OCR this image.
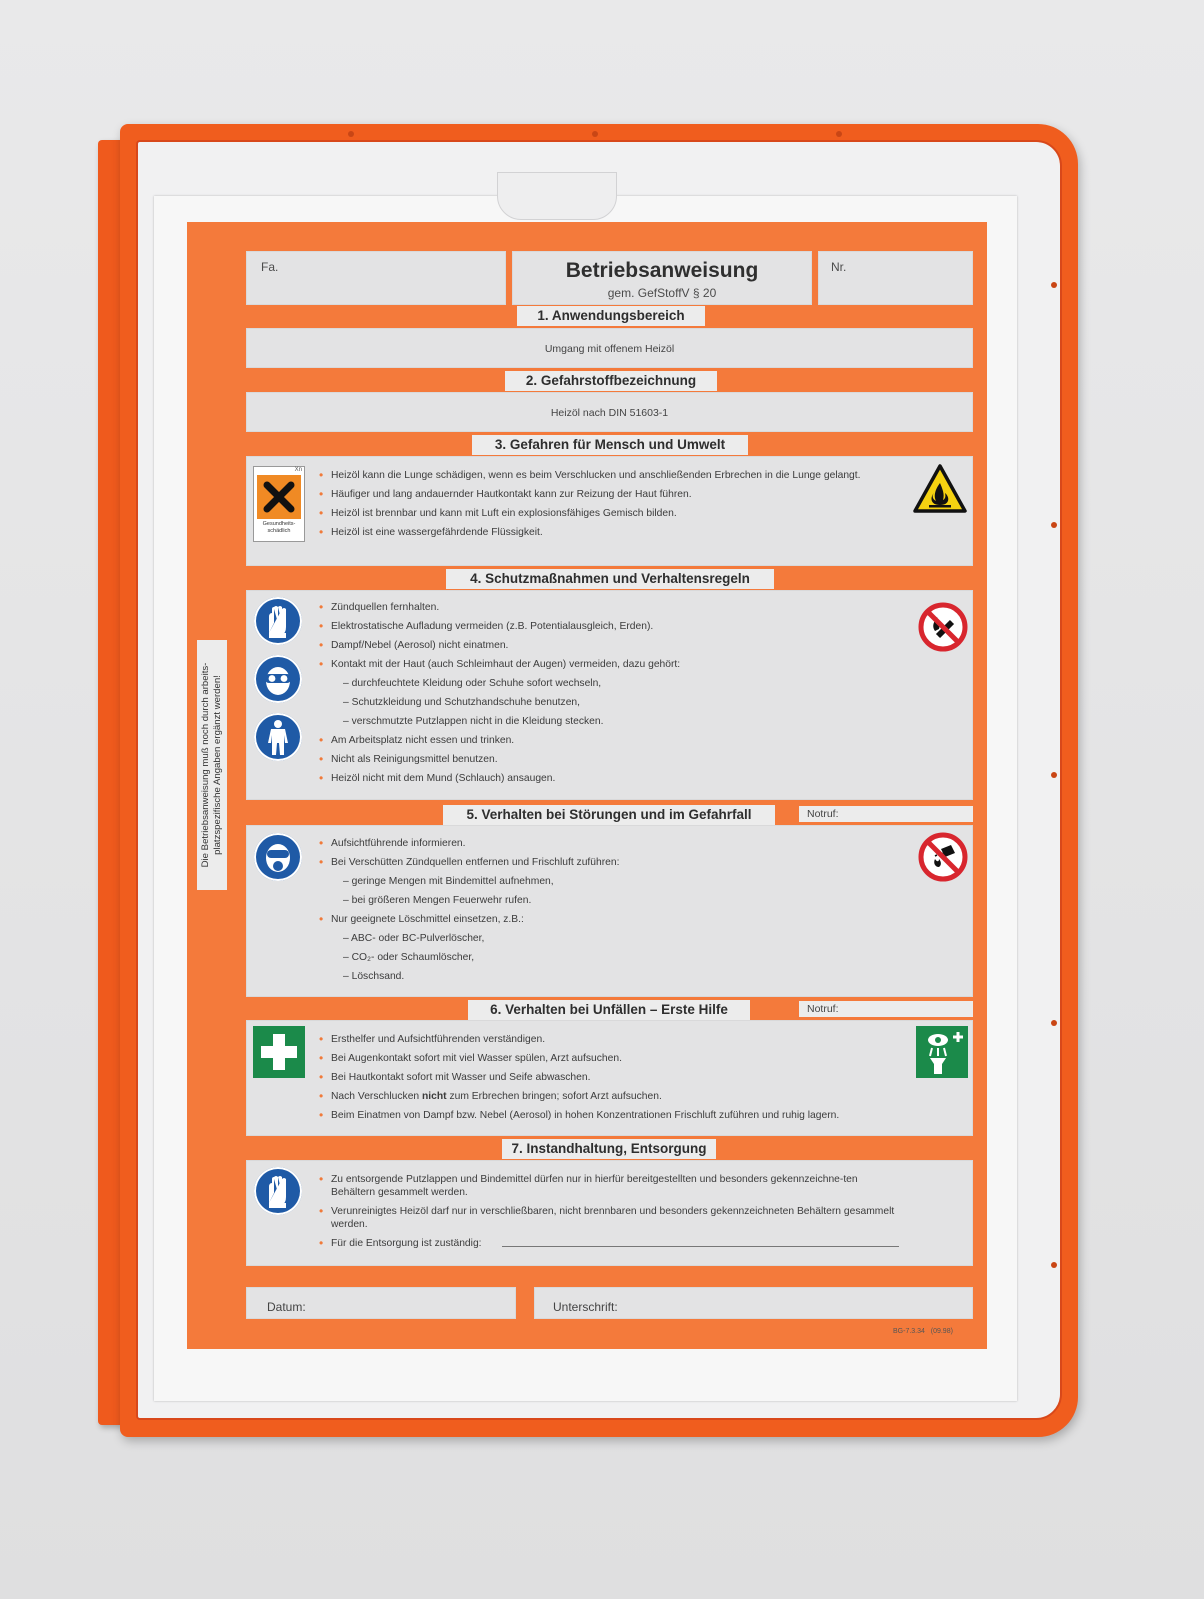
Fa.	Betriebsanweisung
gem. GefStoffV § 20
Nr.
1. Anwendungsbereich
Umgang mit offenem Heizöl
2. Gefahrstoffbezeichnung
Heizöl nach DIN 51603-1
3. Gefahren für Mensch und Umwelt
Xn
Gesundheits-schädlich
• Heizöl kann die Lunge schädigen, wenn es beim Verschlucken und anschließenden Erbrechen in die Lunge gelangt.
• Häufiger und lang andauernder Hautkontakt kann zur Reizung der Haut führen.
• Heizöl ist brennbar und kann mit Luft ein explosionsfähiges Gemisch bilden.
• Heizöl ist eine wassergefährdende Flüssigkeit.
4. Schutzmaßnahmen und Verhaltensregeln
• Zündquellen fernhalten.
• Elektrostatische Aufladung vermeiden (z.B. Potentialausgleich, Erden).
• Dampf/Nebel (Aerosol) nicht einatmen.
• Kontakt mit der Haut (auch Schleimhaut der Augen) vermeiden, dazu gehört:
– durchfeuchtete Kleidung oder Schuhe sofort wechseln,
– Schutzkleidung und Schutzhandschuhe benutzen,
– verschmutzte Putzlappen nicht in die Kleidung stecken.
• Am Arbeitsplatz nicht essen und trinken.
• Nicht als Reinigungsmittel benutzen.
• Heizöl nicht mit dem Mund (Schlauch) ansaugen.
5. Verhalten bei Störungen und im Gefahrfall	Notruf:
• Aufsichtführende informieren.
• Bei Verschütten Zündquellen entfernen und Frischluft zuführen:
– geringe Mengen mit Bindemittel aufnehmen,
– bei größeren Mengen Feuerwehr rufen.
• Nur geeignete Löschmittel einsetzen, z.B.:
– ABC- oder BC-Pulverlöscher,
– CO₂- oder Schaumlöscher,
– Löschsand.
6. Verhalten bei Unfällen – Erste Hilfe	Notruf:
• Ersthelfer und Aufsichtführenden verständigen.
• Bei Augenkontakt sofort mit viel Wasser spülen, Arzt aufsuchen.
• Bei Hautkontakt sofort mit Wasser und Seife abwaschen.
• Nach Verschlucken nicht zum Erbrechen bringen; sofort Arzt aufsuchen.
• Beim Einatmen von Dampf bzw. Nebel (Aerosol) in hohen Konzentrationen Frischluft zuführen und ruhig lagern.
7. Instandhaltung, Entsorgung
• Zu entsorgende Putzlappen und Bindemittel dürfen nur in hierfür bereitgestellten und besonders gekennzeichne-ten Behältern gesammelt werden.
• Verunreinigtes Heizöl darf nur in verschließbaren, nicht brennbaren und besonders gekennzeichneten Behältern gesammelt werden.
• Für die Entsorgung ist zuständig:
Datum:	Unterschrift:
BG-7.3.34   (09.98)
Die Betriebsanweisung muß noch durch arbeits-platzspezifische Angaben ergänzt werden!
